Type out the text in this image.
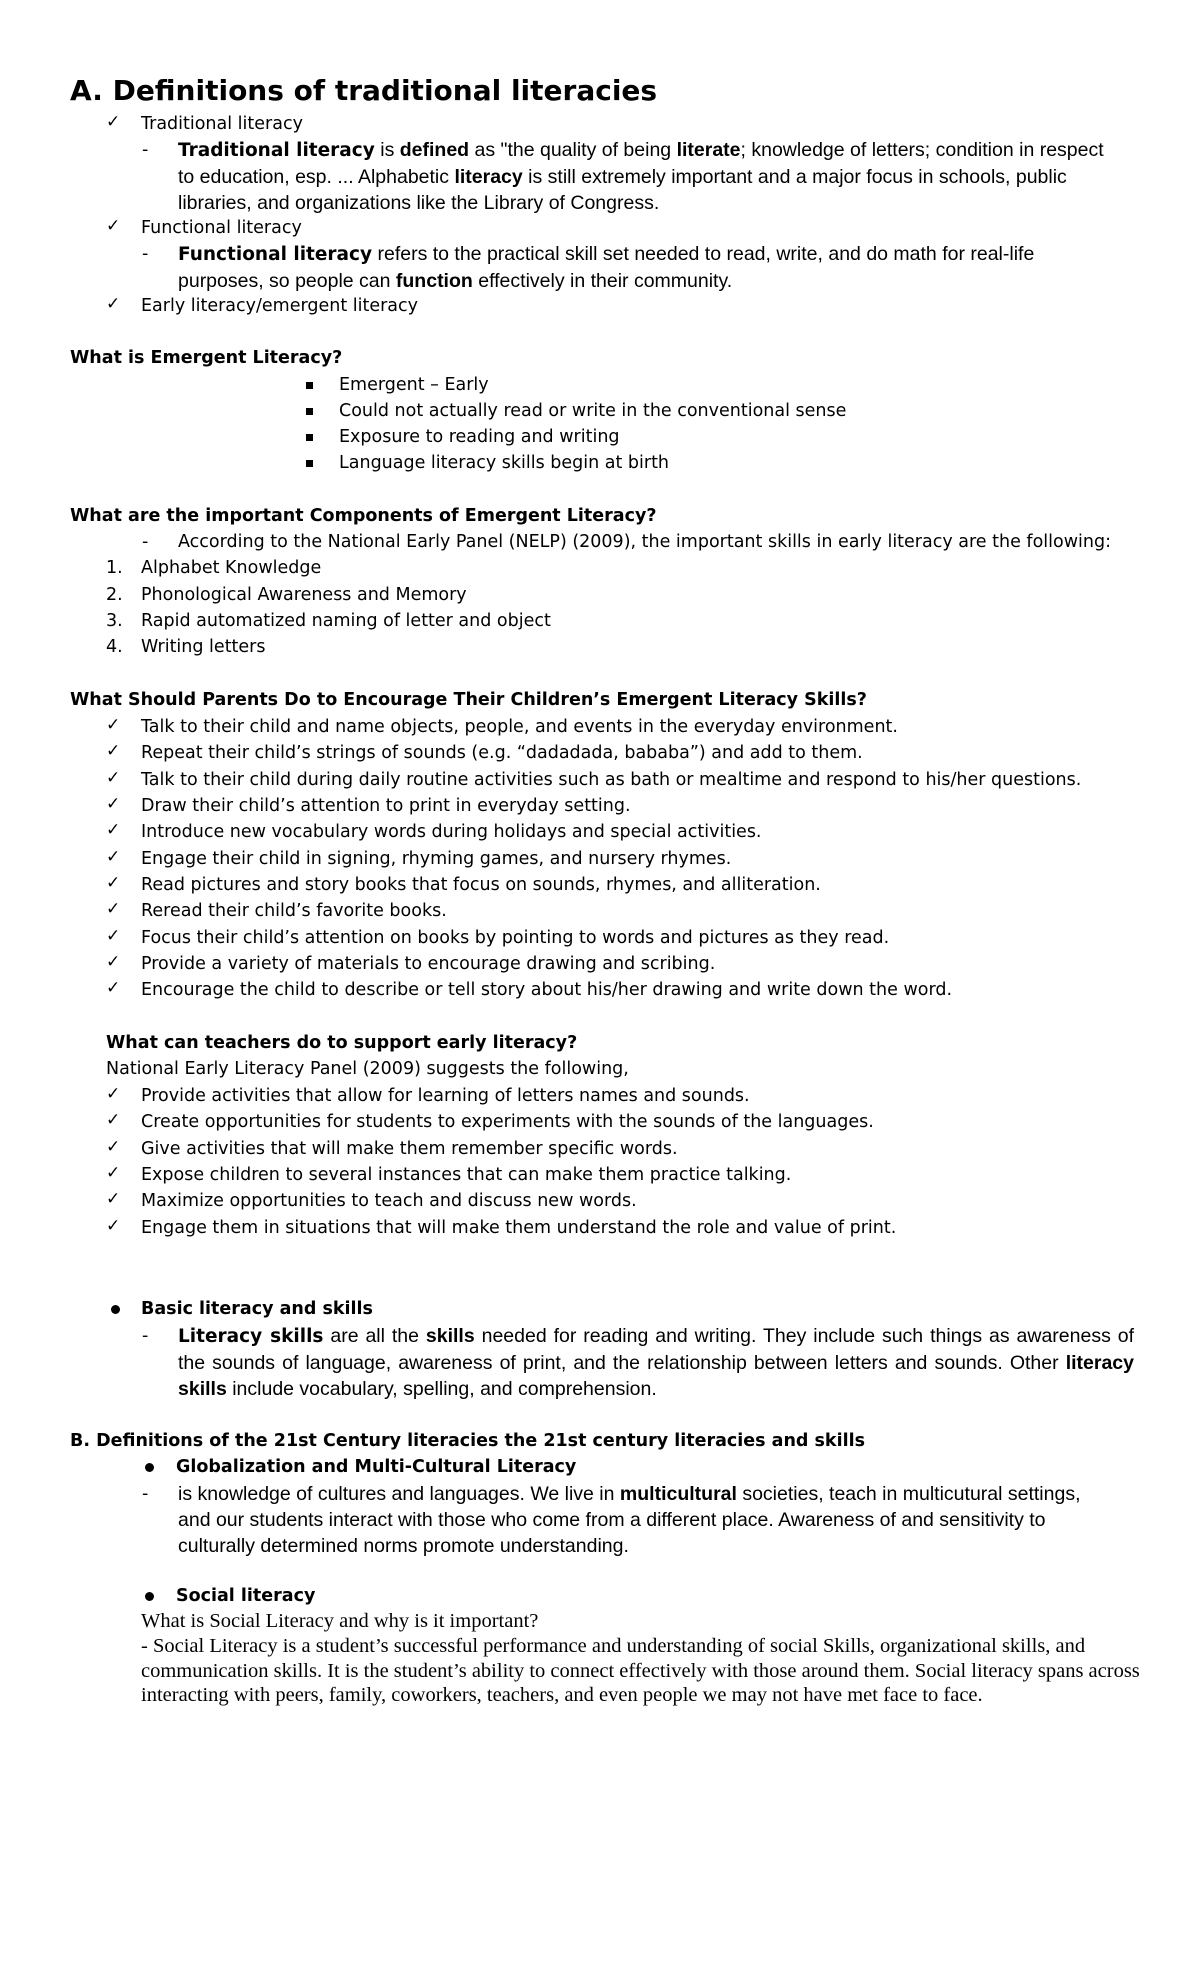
A. Definitions of traditional literacies
✓ Traditional literacy
- Traditional literacy is defined as "the quality of being literate; knowledge of letters; condition in respect to education, esp. ... Alphabetic literacy is still extremely important and a major focus in schools, public libraries, and organizations like the Library of Congress.

✓ Functional literacy
- Functional literacy refers to the practical skill set needed to read, write, and do math for real-life purposes, so people can function effectively in their community.

✓ Early literacy/emergent literacy
What is Emergent Literacy?
Emergent – Early
Could not actually read or write in the conventional sense
Exposure to reading and writing
Language literacy skills begin at birth
What are the important Components of Emergent Literacy?
- According to the National Early Panel (NELP) (2009), the important skills in early literacy are the following:
1. Alphabet Knowledge
2. Phonological Awareness and Memory
3. Rapid automatized naming of letter and object
4. Writing letters
What Should Parents Do to Encourage Their Children’s Emergent Literacy Skills?
✓ Talk to their child and name objects, people, and events in the everyday environment.
✓ Repeat their child’s strings of sounds (e.g. “dadadada, bababa”) and add to them.
✓ Talk to their child during daily routine activities such as bath or mealtime and respond to his/her questions.
✓ Draw their child’s attention to print in everyday setting.
✓ Introduce new vocabulary words during holidays and special activities.
✓ Engage their child in signing, rhyming games, and nursery rhymes.
✓ Read pictures and story books that focus on sounds, rhymes, and alliteration.
✓ Reread their child’s favorite books.
✓ Focus their child’s attention on books by pointing to words and pictures as they read.
✓ Provide a variety of materials to encourage drawing and scribing.
✓ Encourage the child to describe or tell story about his/her drawing and write down the word.
What can teachers do to support early literacy?
National Early Literacy Panel (2009) suggests the following,
✓ Provide activities that allow for learning of letters names and sounds.
✓ Create opportunities for students to experiments with the sounds of the languages.
✓ Give activities that will make them remember specific words.
✓ Expose children to several instances that can make them practice talking.
✓ Maximize opportunities to teach and discuss new words.
✓ Engage them in situations that will make them understand the role and value of print.
Basic literacy and skills
- Literacy skills are all the skills needed for reading and writing. They include such things as awareness of the sounds of language, awareness of print, and the relationship between letters and sounds. Other literacy skills include vocabulary, spelling, and comprehension.

B. Definitions of the 21st Century literacies the 21st century literacies and skills
Globalization and Multi-Cultural Literacy
- is knowledge of cultures and languages. We live in multicultural societies, teach in multicutural settings, and our students interact with those who come from a different place. Awareness of and sensitivity to culturally determined norms promote understanding.

Social literacy
What is Social Literacy and why is it important?

- Social Literacy is a student’s successful performance and understanding of social Skills, organizational skills, and communication skills. It is the student’s ability to connect effectively with those around them. Social literacy spans across interacting with peers, family, coworkers, teachers, and even people we may not have met face to face.
